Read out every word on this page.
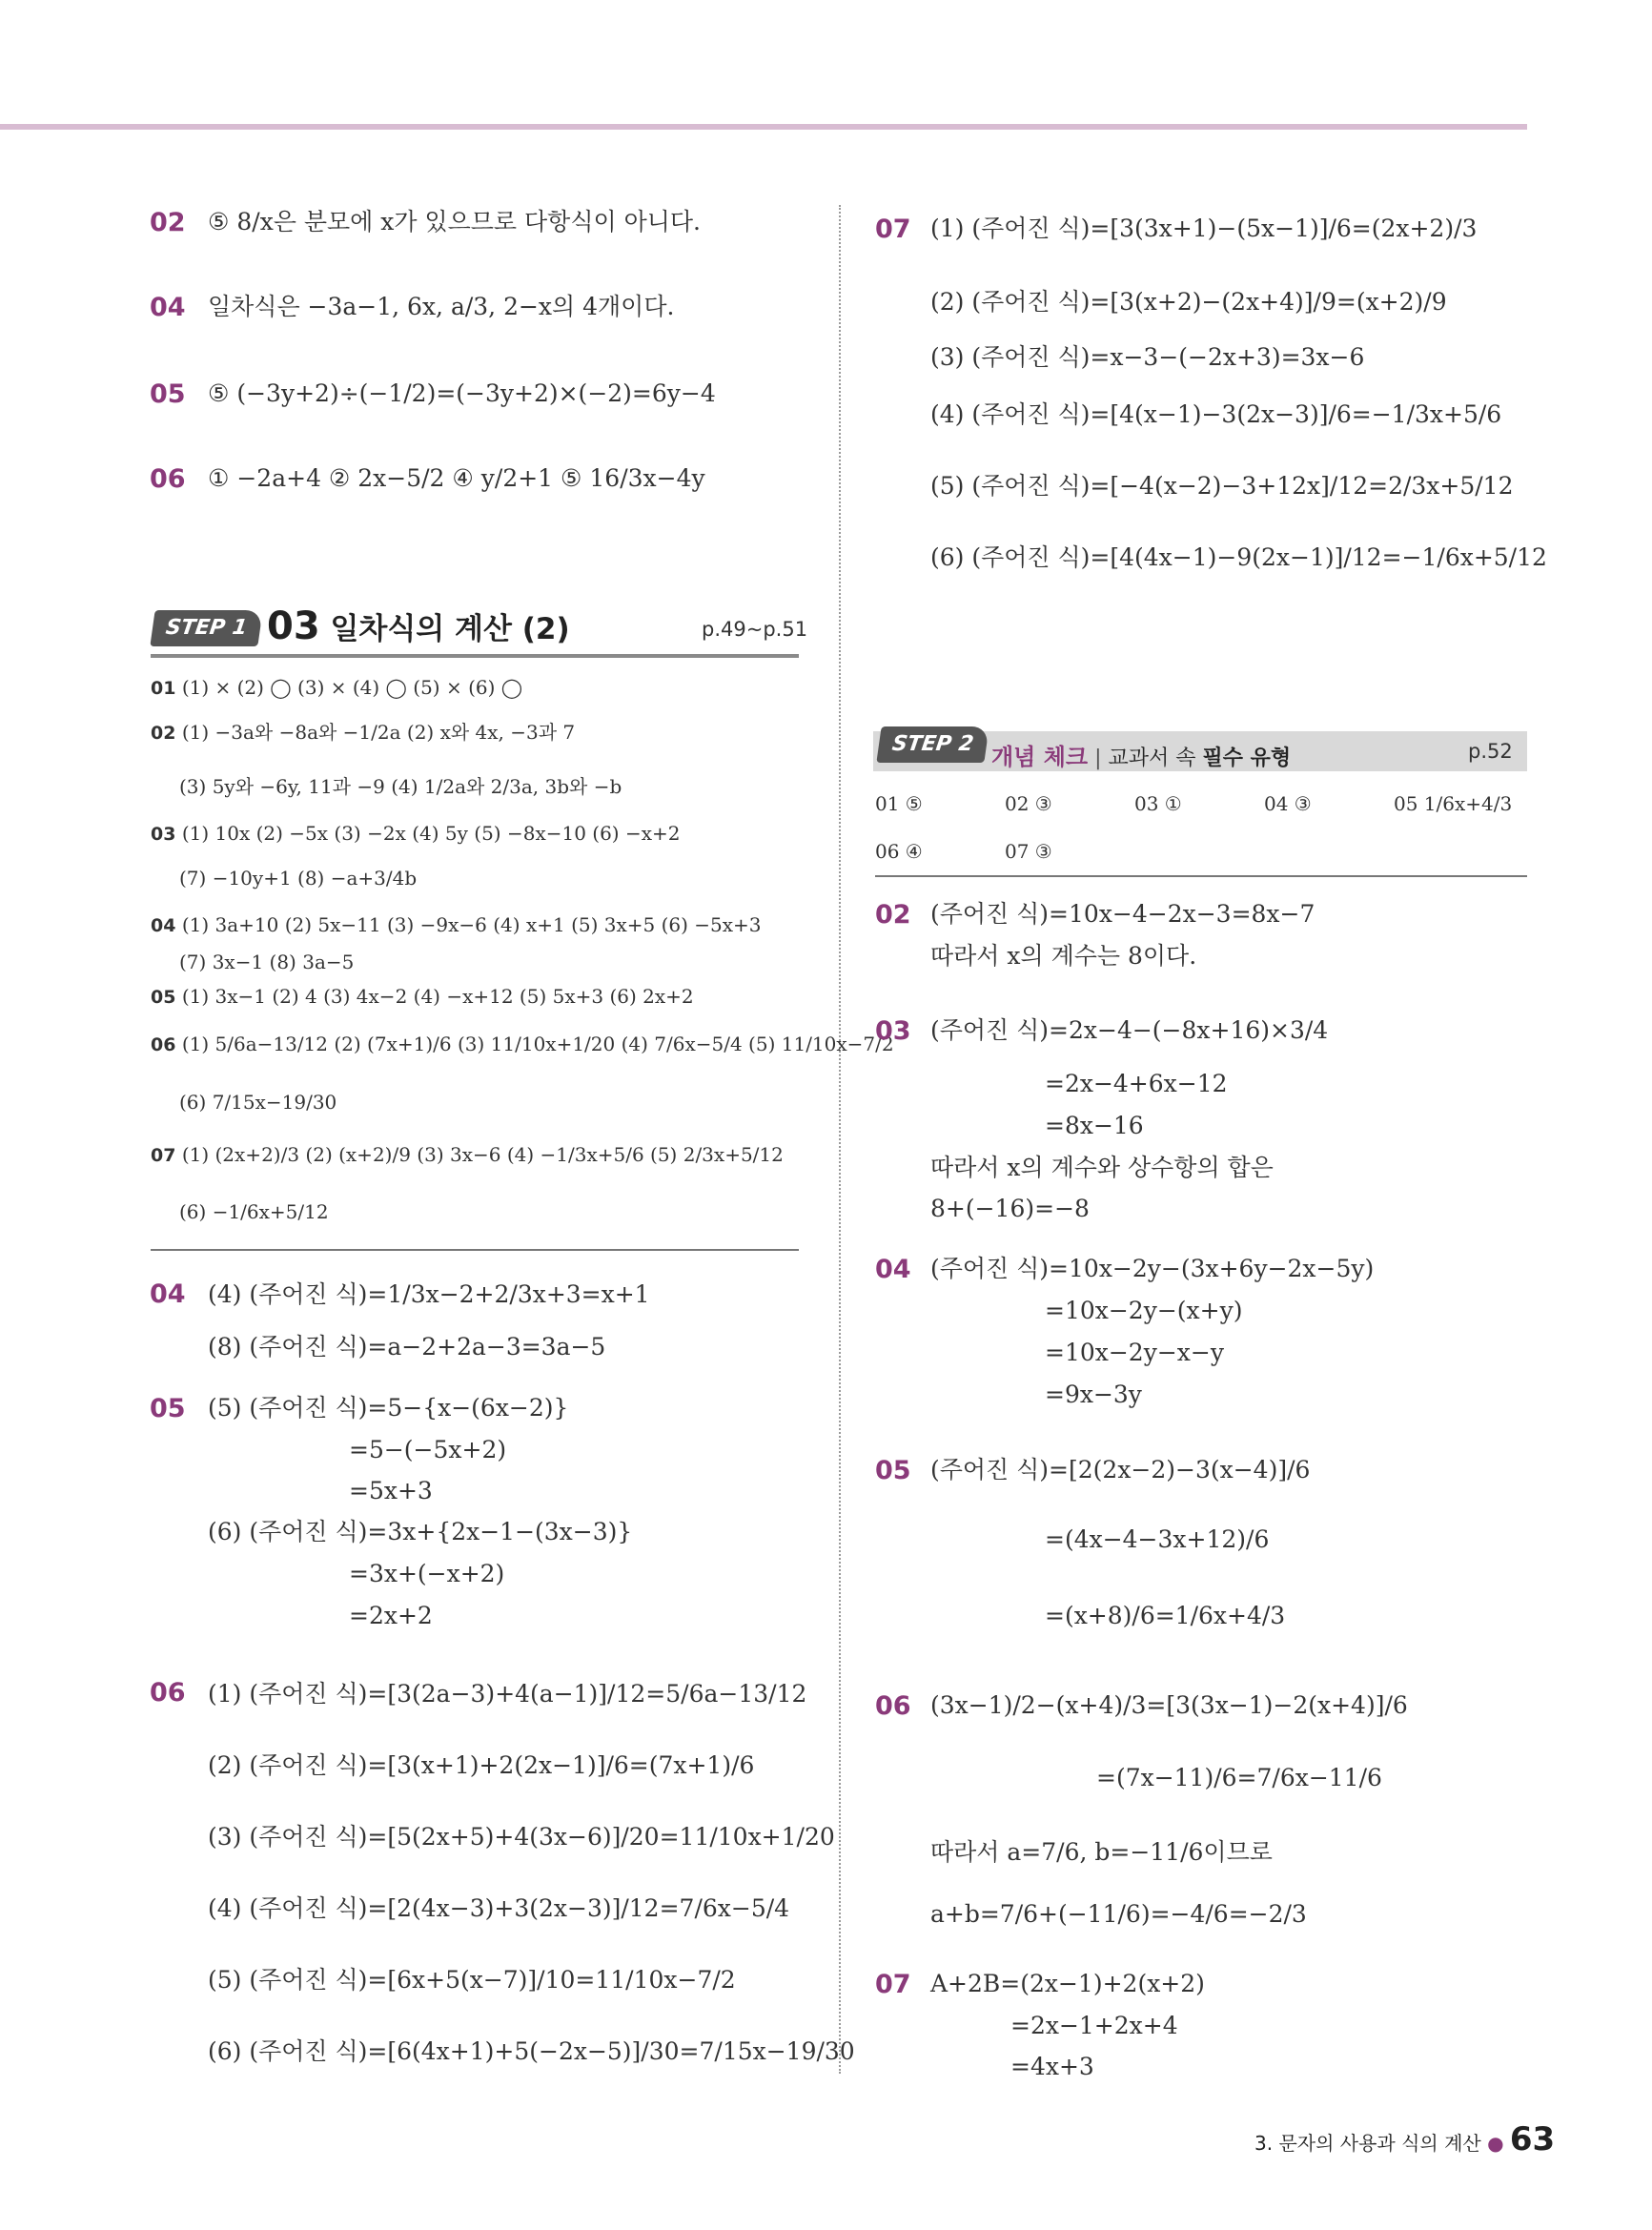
02 ⑤ 8/x은 분모에 x가 있으므로 다항식이 아니다.
04 일차식은 −3a−1, 6x, a/3, 2−x의 4개이다.
05 ⑤ (−3y+2)÷(−1/2)=(−3y+2)×(−2)=6y−4
06 ① −2a+4 ② 2x−5/2 ④ y/2+1 ⑤ 16/3x−4y
STEP 1 03 일차식의 계산 (2)	p.49~p.51
01 (1) × (2) ◯ (3) × (4) ◯ (5) × (6) ◯
02 (1) −3a와 −8a와 −1/2a (2) x와 4x, −3과 7
(3) 5y와 −6y, 11과 −9 (4) 1/2a와 2/3a, 3b와 −b
03 (1) 10x (2) −5x (3) −2x (4) 5y (5) −8x−10 (6) −x+2
(7) −10y+1 (8) −a+3/4b
04 (1) 3a+10 (2) 5x−11 (3) −9x−6 (4) x+1 (5) 3x+5 (6) −5x+3
(7) 3x−1 (8) 3a−5
05 (1) 3x−1 (2) 4 (3) 4x−2 (4) −x+12 (5) 5x+3 (6) 2x+2
06 (1) 5/6a−13/12 (2) (7x+1)/6 (3) 11/10x+1/20 (4) 7/6x−5/4 (5) 11/10x−7/2
(6) 7/15x−19/30
07 (1) (2x+2)/3 (2) (x+2)/9 (3) 3x−6 (4) −1/3x+5/6 (5) 2/3x+5/12
(6) −1/6x+5/12
04 (4) (주어진 식)=1/3x−2+2/3x+3=x+1
(8) (주어진 식)=a−2+2a−3=3a−5
05 (5) (주어진 식)=5−{x−(6x−2)}
=5−(−5x+2)
=5x+3
(6) (주어진 식)=3x+{2x−1−(3x−3)}
=3x+(−x+2)
=2x+2
06 (1) (주어진 식)=[3(2a−3)+4(a−1)]/12=5/6a−13/12
(2) (주어진 식)=[3(x+1)+2(2x−1)]/6=(7x+1)/6
(3) (주어진 식)=[5(2x+5)+4(3x−6)]/20=11/10x+1/20
(4) (주어진 식)=[2(4x−3)+3(2x−3)]/12=7/6x−5/4
(5) (주어진 식)=[6x+5(x−7)]/10=11/10x−7/2
(6) (주어진 식)=[6(4x+1)+5(−2x−5)]/30=7/15x−19/30
07 (1) (주어진 식)=[3(3x+1)−(5x−1)]/6=(2x+2)/3
(2) (주어진 식)=[3(x+2)−(2x+4)]/9=(x+2)/9
(3) (주어진 식)=x−3−(−2x+3)=3x−6
(4) (주어진 식)=[4(x−1)−3(2x−3)]/6=−1/3x+5/6
(5) (주어진 식)=[−4(x−2)−3+12x]/12=2/3x+5/12
(6) (주어진 식)=[4(4x−1)−9(2x−1)]/12=−1/6x+5/12
STEP 2 개념 체크 | 교과서 속 필수 유형	p.52
01 ⑤	02 ③	03 ①	04 ③	05 1/6x+4/3
06 ④	07 ③
02 (주어진 식)=10x−4−2x−3=8x−7
따라서 x의 계수는 8이다.
03 (주어진 식)=2x−4−(−8x+16)×3/4
=2x−4+6x−12
=8x−16
따라서 x의 계수와 상수항의 합은
8+(−16)=−8
04 (주어진 식)=10x−2y−(3x+6y−2x−5y)
=10x−2y−(x+y)
=10x−2y−x−y
=9x−3y
05 (주어진 식)=[2(2x−2)−3(x−4)]/6
=(4x−4−3x+12)/6
=(x+8)/6=1/6x+4/3
06 (3x−1)/2−(x+4)/3=[3(3x−1)−2(x+4)]/6
=(7x−11)/6=7/6x−11/6
따라서 a=7/6, b=−11/6이므로
a+b=7/6+(−11/6)=−4/6=−2/3
07 A+2B=(2x−1)+2(x+2)
=2x−1+2x+4
=4x+3
3. 문자의 사용과 식의 계산 ● 63
